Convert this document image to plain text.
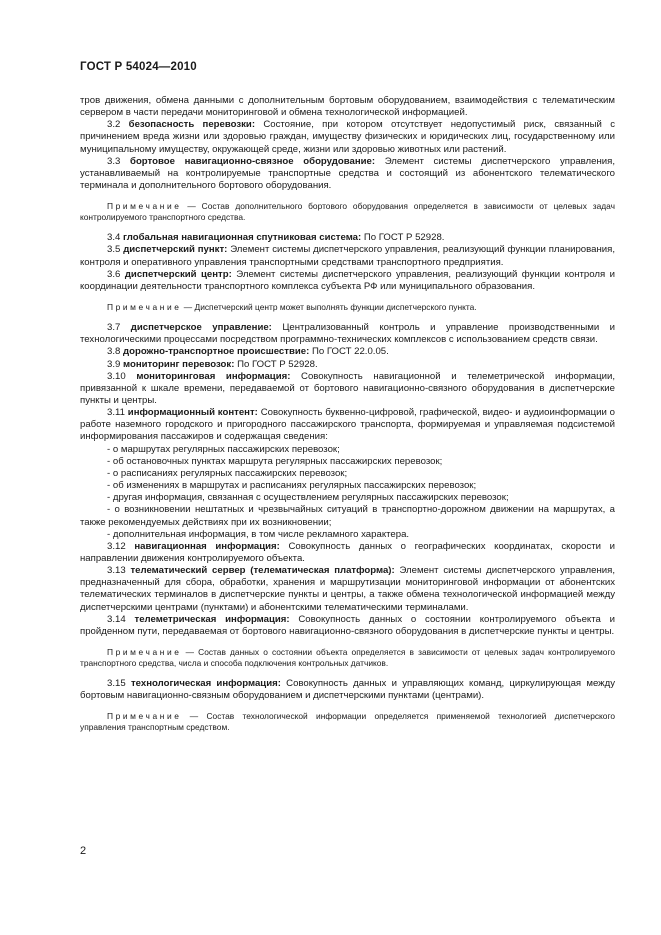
ГОСТ Р 54024—2010

тров движения, обмена данными с дополнительным бортовым оборудованием, взаимодействия с телематическим сервером в части передачи мониторинговой и обмена технологической информацией.

3.2 безопасность перевозки: Состояние, при котором отсутствует недопустимый риск, связанный с причинением вреда жизни или здоровью граждан, имуществу физических и юридических лиц, государственному или муниципальному имуществу, окружающей среде, жизни или здоровью животных или растений.

3.3 бортовое навигационно-связное оборудование: Элемент системы диспетчерского управления, устанавливаемый на контролируемые транспортные средства и состоящий из абонентского телематического терминала и дополнительного бортового оборудования.

Примечание — Состав дополнительного бортового оборудования определяется в зависимости от целевых задач контролируемого транспортного средства.

3.4 глобальная навигационная спутниковая система: По ГОСТ Р 52928.

3.5 диспетчерский пункт: Элемент системы диспетчерского управления, реализующий функции планирования, контроля и оперативного управления транспортными средствами транспортного предприятия.

3.6 диспетчерский центр: Элемент системы диспетчерского управления, реализующий функции контроля и координации деятельности транспортного комплекса субъекта РФ или муниципального образования.

Примечание — Диспетчерский центр может выполнять функции диспетчерского пункта.

3.7 диспетчерское управление: Централизованный контроль и управление производственными и технологическими процессами посредством программно-технических комплексов с использованием средств связи.

3.8 дорожно-транспортное происшествие: По ГОСТ 22.0.05.

3.9 мониторинг перевозок: По ГОСТ Р 52928.

3.10 мониторинговая информация: Совокупность навигационной и телеметрической информации, привязанной к шкале времени, передаваемой от бортового навигационно-связного оборудования в диспетчерские пункты и центры.

3.11 информационный контент: Совокупность буквенно-цифровой, графической, видео- и аудиоинформации о работе наземного городского и пригородного пассажирского транспорта, формируемая и управляемая подсистемой информирования пассажиров и содержащая сведения:

- о маршрутах регулярных пассажирских перевозок;

- об остановочных пунктах маршрута регулярных пассажирских перевозок;

- о расписаниях регулярных пассажирских перевозок;

- об изменениях в маршрутах и расписаниях регулярных пассажирских перевозок;

- другая информация, связанная с осуществлением регулярных пассажирских перевозок;

- о возникновении нештатных и чрезвычайных ситуаций в транспортно-дорожном движении на маршрутах, а также рекомендуемых действиях при их возникновении;

- дополнительная информация, в том числе рекламного характера.

3.12 навигационная информация: Совокупность данных о географических координатах, скорости и направлении движения контролируемого объекта.

3.13 телематический сервер (телематическая платформа): Элемент системы диспетчерского управления, предназначенный для сбора, обработки, хранения и маршрутизации мониторинговой информации от абонентских телематических терминалов в диспетчерские пункты и центры, а также обмена технологической информацией между диспетчерскими центрами (пунктами) и абонентскими телематическими терминалами.

3.14 телеметрическая информация: Совокупность данных о состоянии контролируемого объекта и пройденном пути, передаваемая от бортового навигационно-связного оборудования в диспетчерские пункты и центры.

Примечание — Состав данных о состоянии объекта определяется в зависимости от целевых задач контролируемого транспортного средства, числа и способа подключения контрольных датчиков.

3.15 технологическая информация: Совокупность данных и управляющих команд, циркулирующая между бортовым навигационно-связным оборудованием и диспетчерскими пунктами (центрами).

Примечание — Состав технологической информации определяется применяемой технологией диспетчерского управления транспортным средством.

2
